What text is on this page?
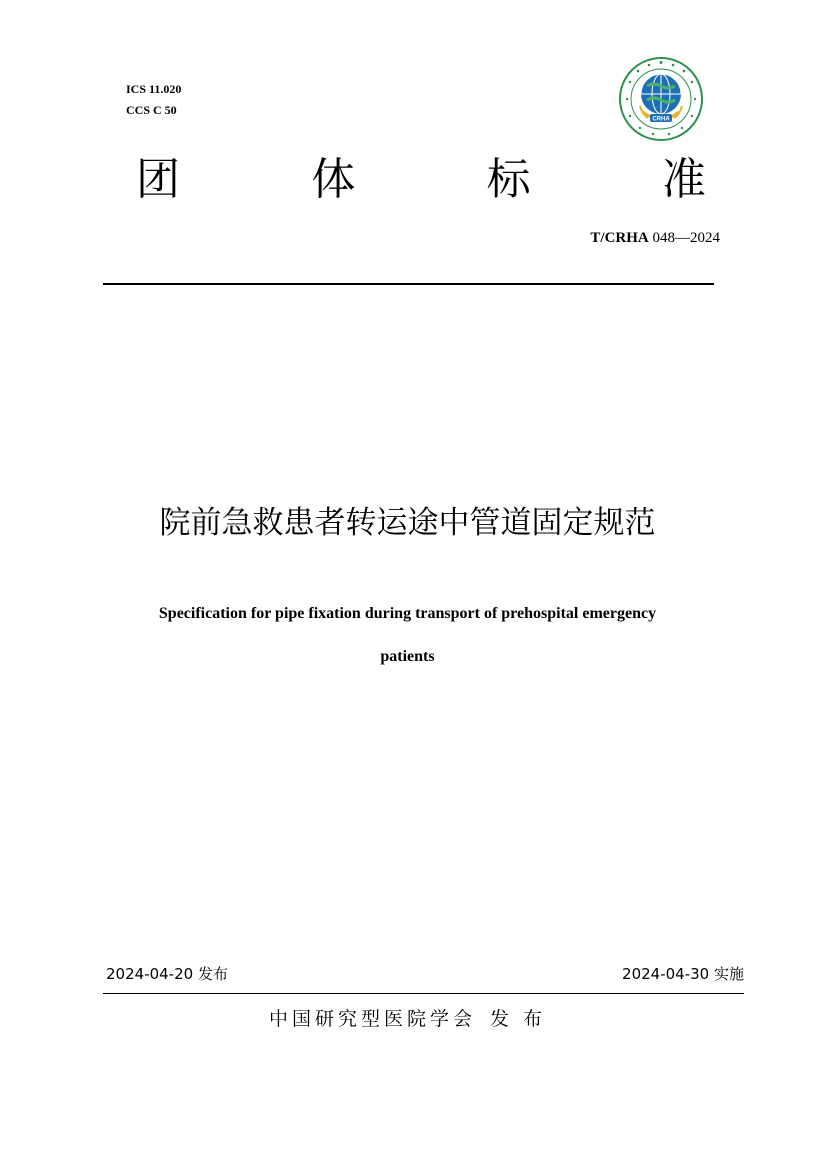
ICS 11.020
CCS C 50
CRHA
团	体	标	准
T/CRHA 048—2024
院前急救患者转运途中管道固定规范
Specification for pipe fixation during transport of prehospital emergency
patients
2024-04-20 发布	2024-04-30 实施
中国研究型医院学会 发 布
